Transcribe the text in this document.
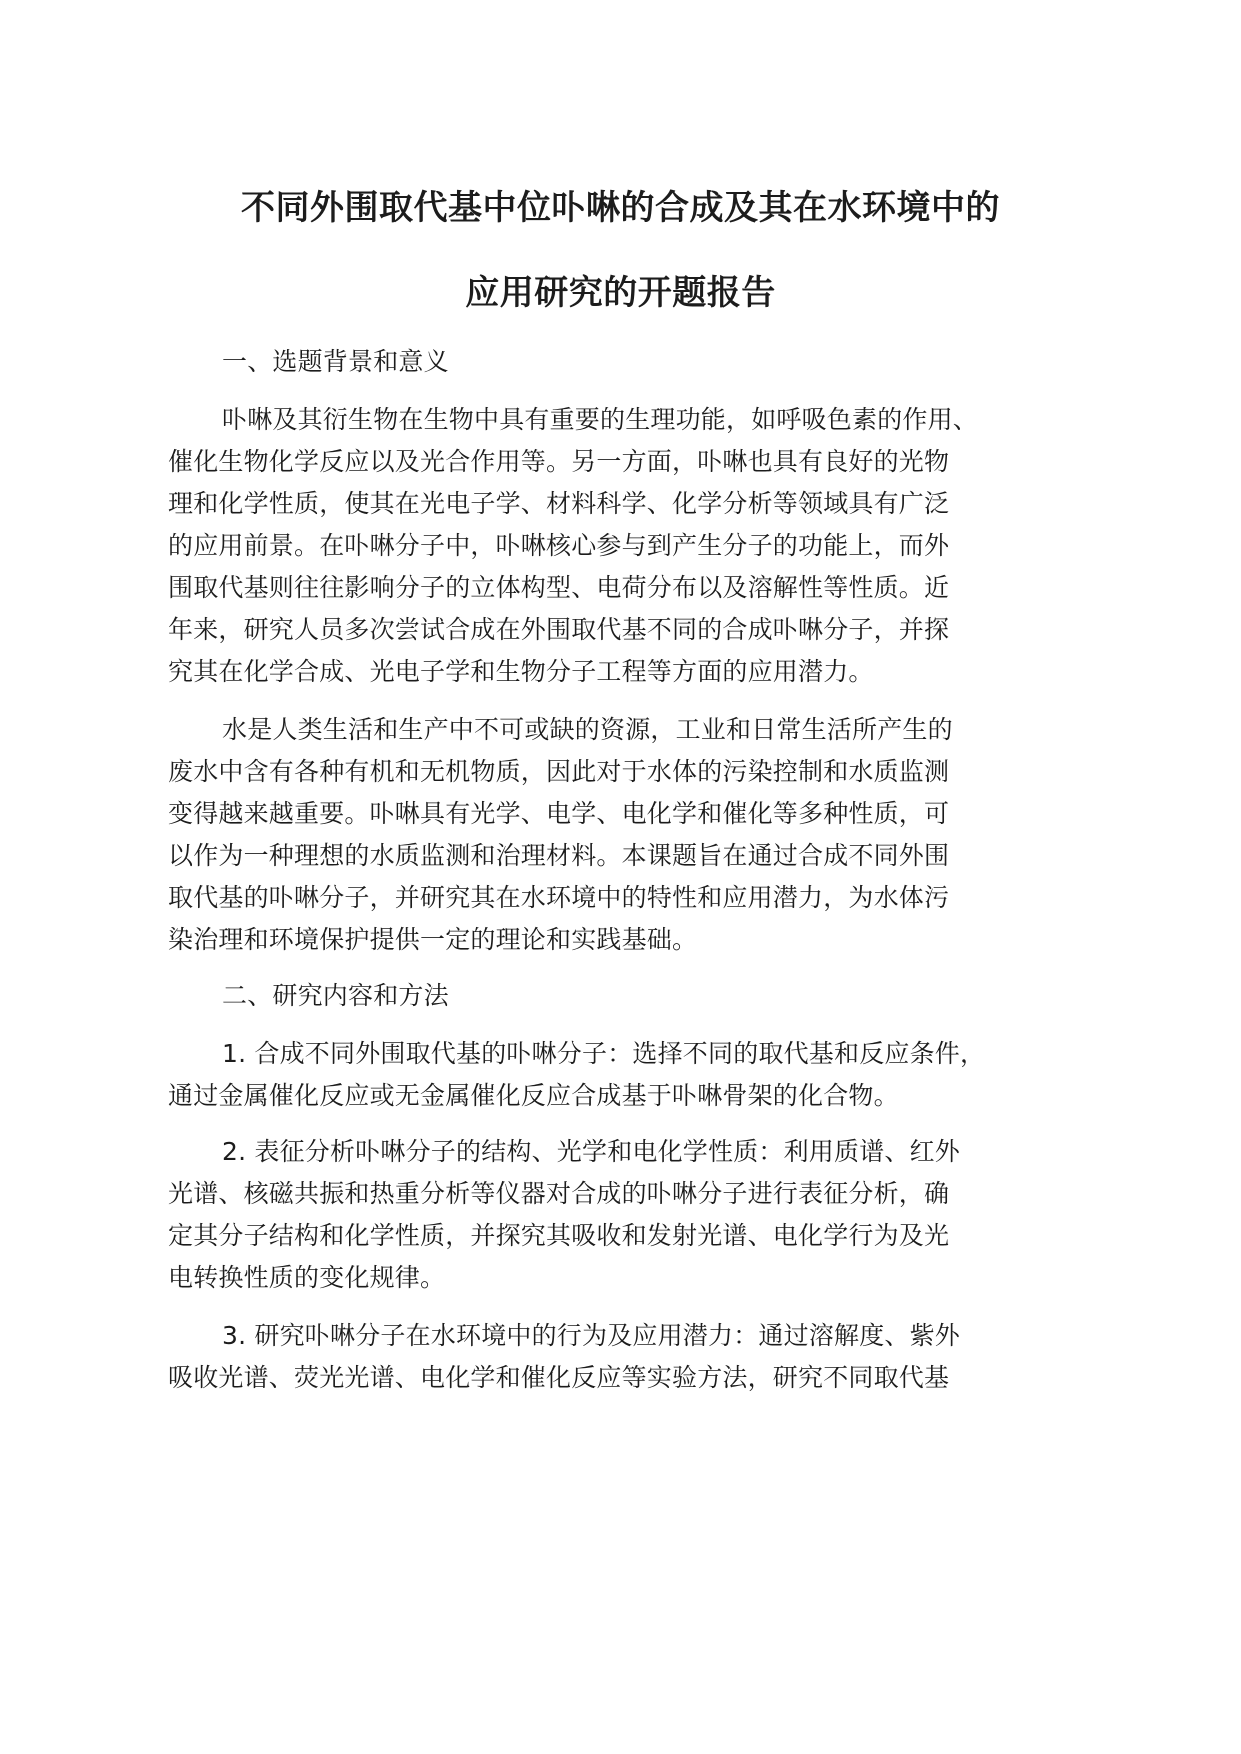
不同外围取代基中位卟啉的合成及其在水环境中的
应用研究的开题报告

一、选题背景和意义

卟啉及其衍生物在生物中具有重要的生理功能，如呼吸色素的作用、

催化生物化学反应以及光合作用等。另一方面，卟啉也具有良好的光物

理和化学性质，使其在光电子学、材料科学、化学分析等领域具有广泛

的应用前景。在卟啉分子中，卟啉核心参与到产生分子的功能上，而外

围取代基则往往影响分子的立体构型、电荷分布以及溶解性等性质。近

年来，研究人员多次尝试合成在外围取代基不同的合成卟啉分子，并探

究其在化学合成、光电子学和生物分子工程等方面的应用潜力。

水是人类生活和生产中不可或缺的资源，工业和日常生活所产生的

废水中含有各种有机和无机物质，因此对于水体的污染控制和水质监测

变得越来越重要。卟啉具有光学、电学、电化学和催化等多种性质，可

以作为一种理想的水质监测和治理材料。本课题旨在通过合成不同外围

取代基的卟啉分子，并研究其在水环境中的特性和应用潜力，为水体污

染治理和环境保护提供一定的理论和实践基础。

二、研究内容和方法

1. 合成不同外围取代基的卟啉分子：选择不同的取代基和反应条件，

通过金属催化反应或无金属催化反应合成基于卟啉骨架的化合物。

2. 表征分析卟啉分子的结构、光学和电化学性质：利用质谱、红外

光谱、核磁共振和热重分析等仪器对合成的卟啉分子进行表征分析，确

定其分子结构和化学性质，并探究其吸收和发射光谱、电化学行为及光

电转换性质的变化规律。

3. 研究卟啉分子在水环境中的行为及应用潜力：通过溶解度、紫外

吸收光谱、荧光光谱、电化学和催化反应等实验方法，研究不同取代基
